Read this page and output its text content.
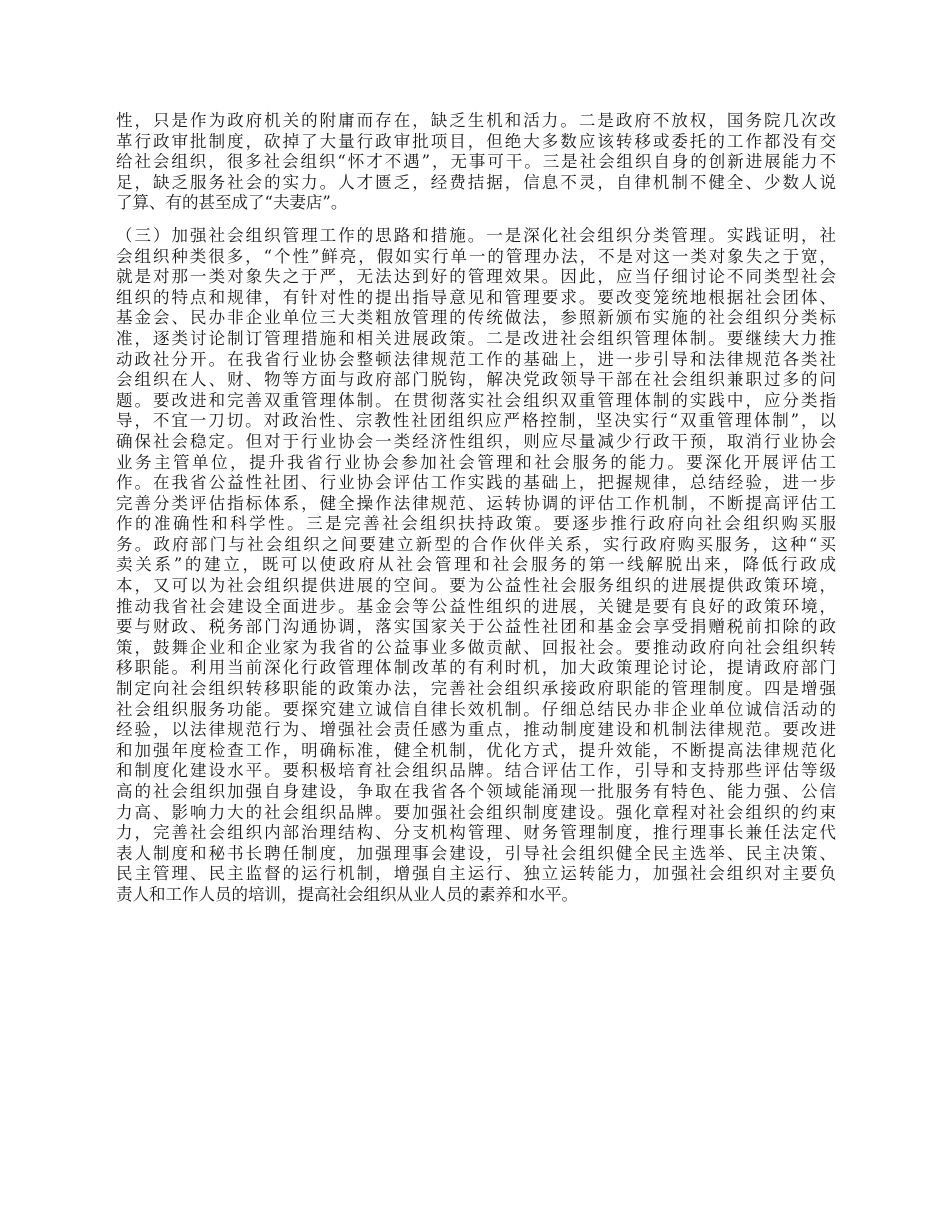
性，只是作为政府机关的附庸而存在，缺乏生机和活力。二是政府不放权，国务院几次改
革行政审批制度，砍掉了大量行政审批项目，但绝大多数应该转移或委托的工作都没有交
给社会组织，很多社会组织“怀才不遇”，无事可干。三是社会组织自身的创新进展能力不
足，缺乏服务社会的实力。人才匮乏，经费拮据，信息不灵，自律机制不健全、少数人说
了算、有的甚至成了“夫妻店”。
（三）加强社会组织管理工作的思路和措施。一是深化社会组织分类管理。实践证明，社
会组织种类很多，“个性”鲜亮，假如实行单一的管理办法，不是对这一类对象失之于宽，
就是对那一类对象失之于严，无法达到好的管理效果。因此，应当仔细讨论不同类型社会
组织的特点和规律，有针对性的提出指导意见和管理要求。要改变笼统地根据社会团体、
基金会、民办非企业单位三大类粗放管理的传统做法，参照新颁布实施的社会组织分类标
准，逐类讨论制订管理措施和相关进展政策。二是改进社会组织管理体制。要继续大力推
动政社分开。在我省行业协会整顿法律规范工作的基础上，进一步引导和法律规范各类社
会组织在人、财、物等方面与政府部门脱钩，解决党政领导干部在社会组织兼职过多的问
题。要改进和完善双重管理体制。在贯彻落实社会组织双重管理体制的实践中，应分类指
导，不宜一刀切。对政治性、宗教性社团组织应严格控制，坚决实行“双重管理体制”，以
确保社会稳定。但对于行业协会一类经济性组织，则应尽量减少行政干预，取消行业协会
业务主管单位，提升我省行业协会参加社会管理和社会服务的能力。要深化开展评估工
作。在我省公益性社团、行业协会评估工作实践的基础上，把握规律，总结经验，进一步
完善分类评估指标体系，健全操作法律规范、运转协调的评估工作机制，不断提高评估工
作的准确性和科学性。三是完善社会组织扶持政策。要逐步推行政府向社会组织购买服
务。政府部门与社会组织之间要建立新型的合作伙伴关系，实行政府购买服务，这种“买
卖关系”的建立，既可以使政府从社会管理和社会服务的第一线解脱出来，降低行政成
本，又可以为社会组织提供进展的空间。要为公益性社会服务组织的进展提供政策环境，
推动我省社会建设全面进步。基金会等公益性组织的进展，关键是要有良好的政策环境，
要与财政、税务部门沟通协调，落实国家关于公益性社团和基金会享受捐赠税前扣除的政
策，鼓舞企业和企业家为我省的公益事业多做贡献、回报社会。要推动政府向社会组织转
移职能。利用当前深化行政管理体制改革的有利时机，加大政策理论讨论，提请政府部门
制定向社会组织转移职能的政策办法，完善社会组织承接政府职能的管理制度。四是增强
社会组织服务功能。要探究建立诚信自律长效机制。仔细总结民办非企业单位诚信活动的
经验，以法律规范行为、增强社会责任感为重点，推动制度建设和机制法律规范。要改进
和加强年度检查工作，明确标准，健全机制，优化方式，提升效能，不断提高法律规范化
和制度化建设水平。要积极培育社会组织品牌。结合评估工作，引导和支持那些评估等级
高的社会组织加强自身建设，争取在我省各个领域能涌现一批服务有特色、能力强、公信
力高、影响力大的社会组织品牌。要加强社会组织制度建设。强化章程对社会组织的约束
力，完善社会组织内部治理结构、分支机构管理、财务管理制度，推行理事长兼任法定代
表人制度和秘书长聘任制度，加强理事会建设，引导社会组织健全民主选举、民主决策、
民主管理、民主监督的运行机制，增强自主运行、独立运转能力，加强社会组织对主要负
责人和工作人员的培训，提高社会组织从业人员的素养和水平。
